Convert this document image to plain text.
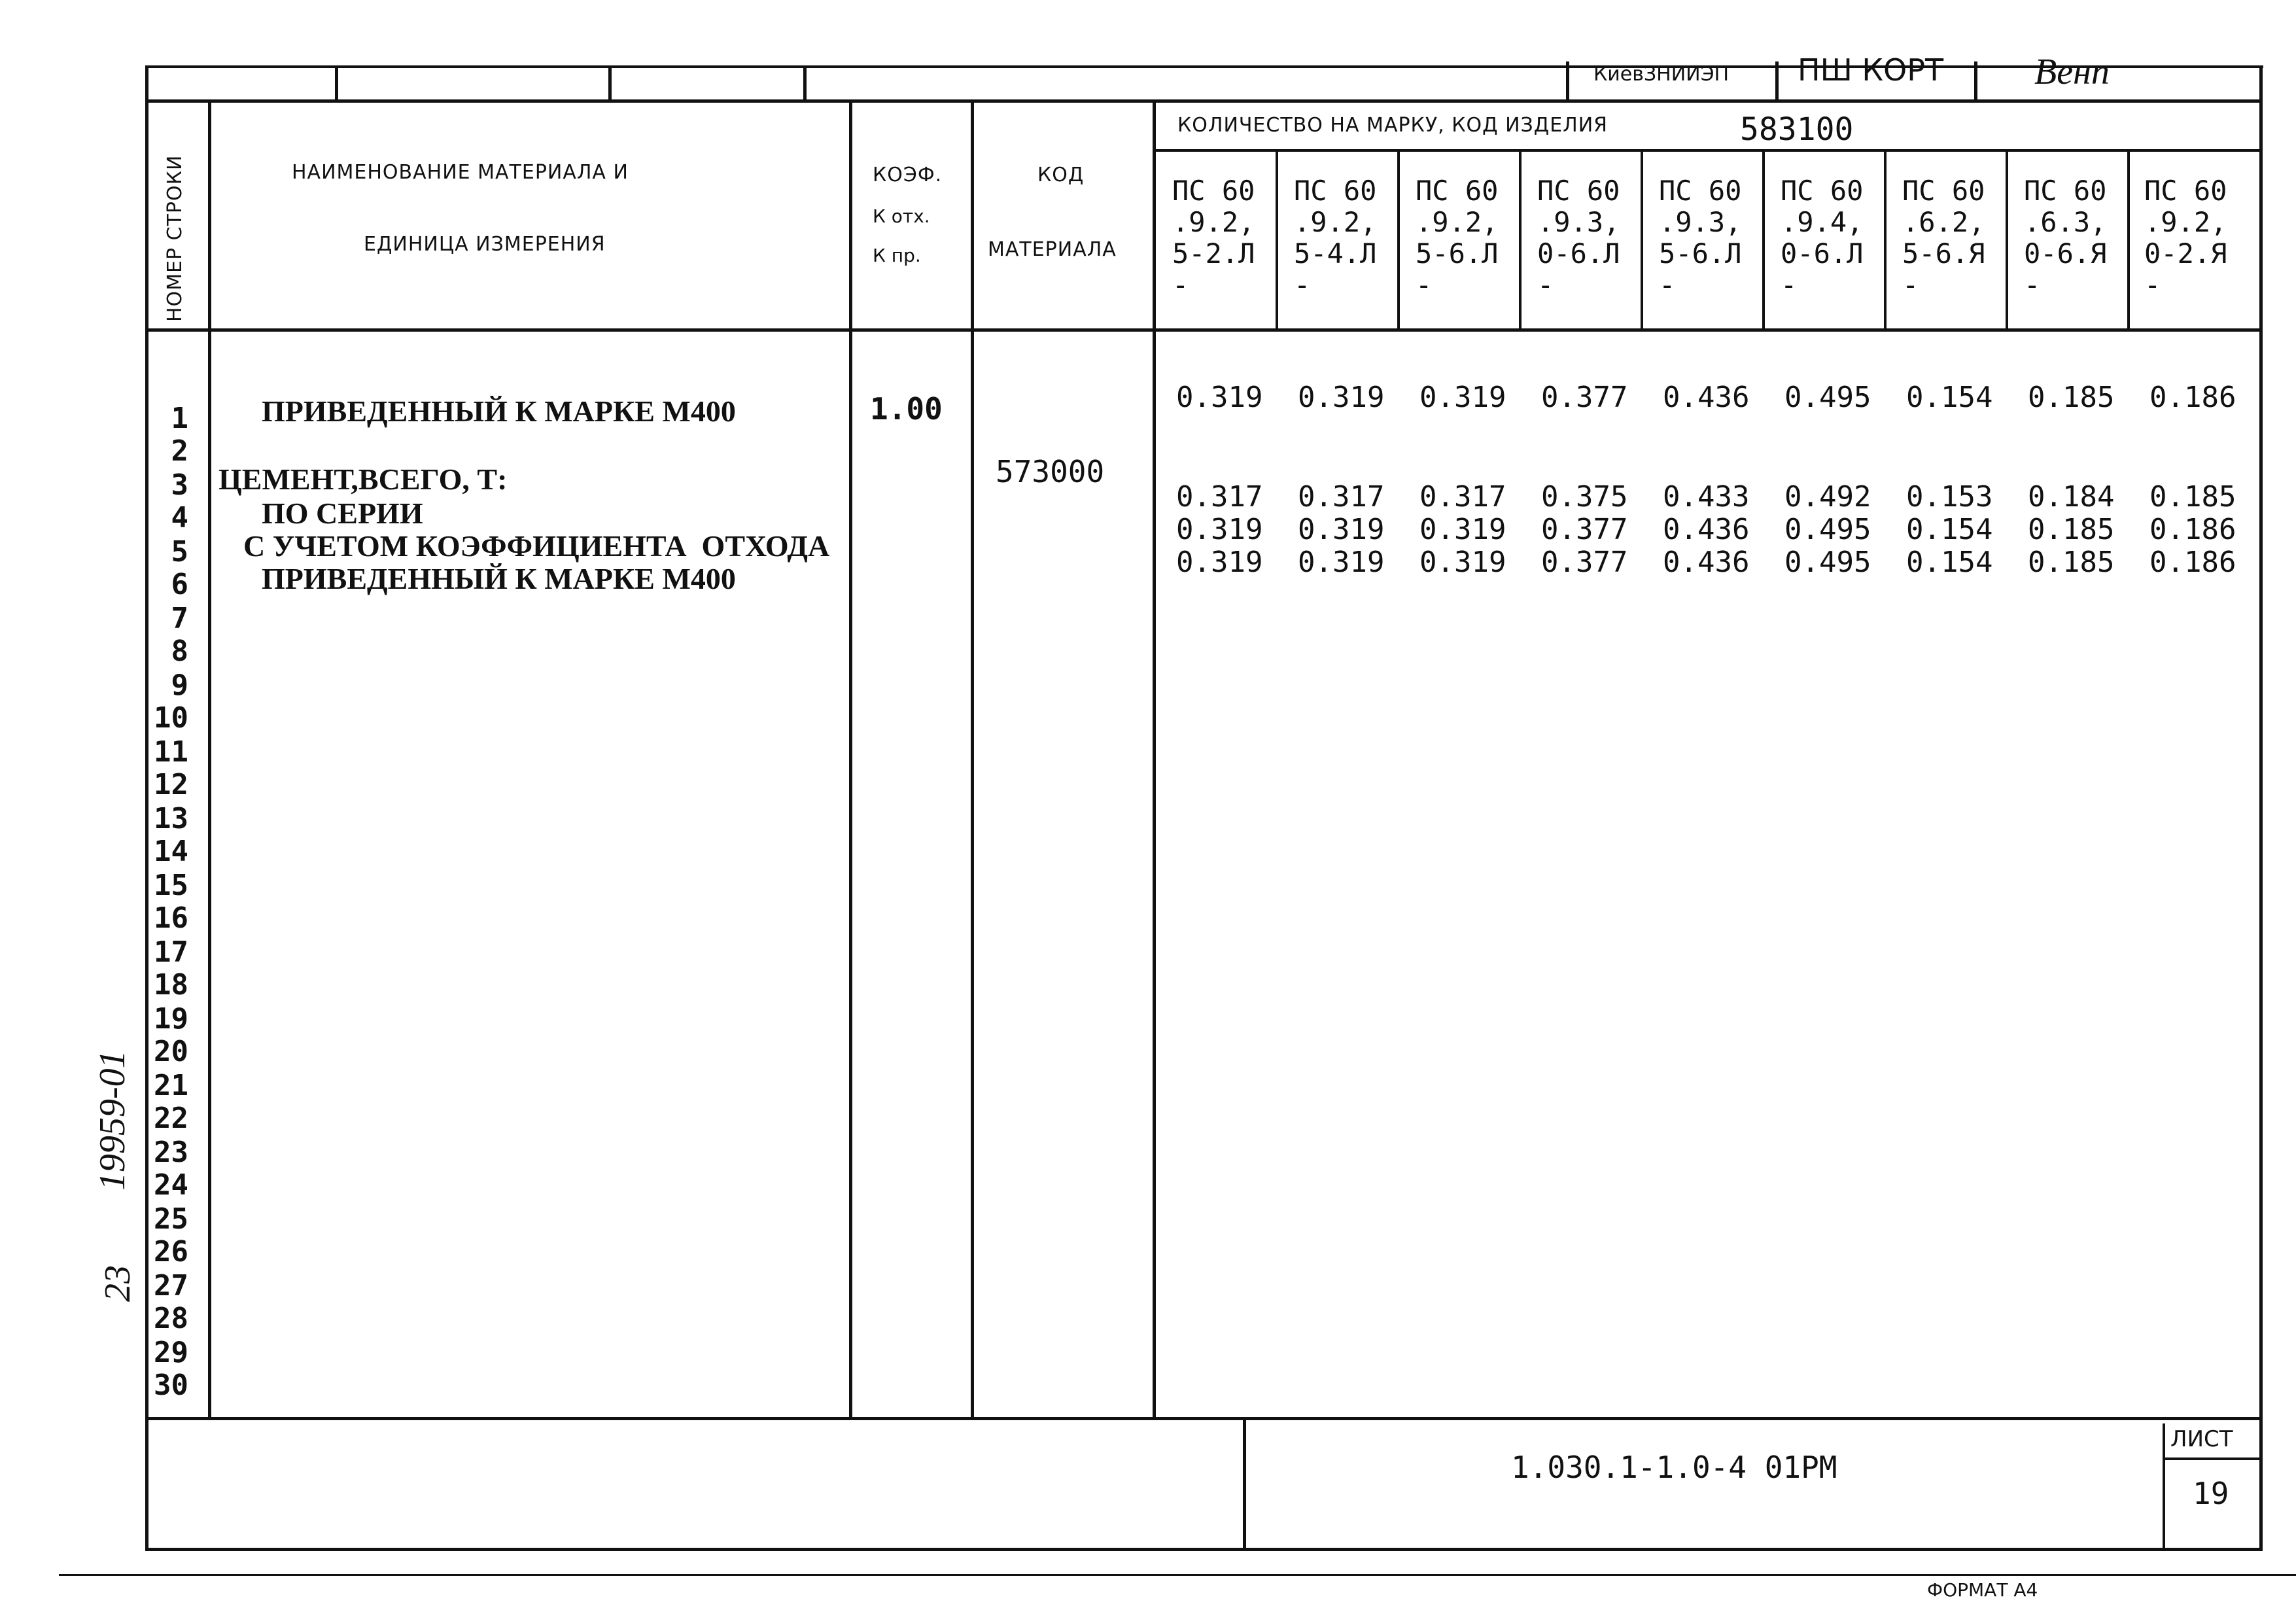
КиевЗНИИЭП ПШ КОРТ Венп
НОМЕР СТРОКИ	НАИМЕНОВАНИЕ МАТЕРИАЛА И
ЕДИНИЦА ИЗМЕРЕНИЯ
КОЭФ.
К отх.
К пр.
КОД
МАТЕРИАЛА
КОЛИЧЕСТВО НА МАРКУ, КОД ИЗДЕЛИЯ	583100
ПС 60
.9.2,
5-2.Л
-
ПС 60
.9.2,
5-4.Л
-
ПС 60
.9.2,
5-6.Л
-
ПС 60
.9.3,
0-6.Л
-
ПС 60
.9.3,
5-6.Л
-
ПС 60
.9.4,
0-6.Л
-
ПС 60
.6.2,
5-6.Я
-
ПС 60
.6.3,
0-6.Я
-
ПС 60
.9.2,
0-2.Я
-
1
2
3
4
5
6
7
8
9
10
11
12
13
14
15
16
17
18
19
20
21
22
23
24
25
26
27
28
29
30
ПРИВЕДЕННЫЙ К МАРКЕ М400
ЦЕМЕНТ,ВСЕГО, Т:
ПО СЕРИИ
С УЧЕТОМ КОЭФФИЦИЕНТА  ОТХОДА
ПРИВЕДЕННЫЙ К МАРКЕ М400
1.00
573000
0.319 0.319 0.319 0.377 0.436 0.495 0.154 0.185 0.186
0.317 0.317 0.317 0.375 0.433 0.492 0.153 0.184 0.185
0.319 0.319 0.319 0.377 0.436 0.495 0.154 0.185 0.186
0.319 0.319 0.319 0.377 0.436 0.495 0.154 0.185 0.186
19959-01
23
1.030.1-1.0-4 01РМ
ЛИСТ
19
ФОРМАТ А4
